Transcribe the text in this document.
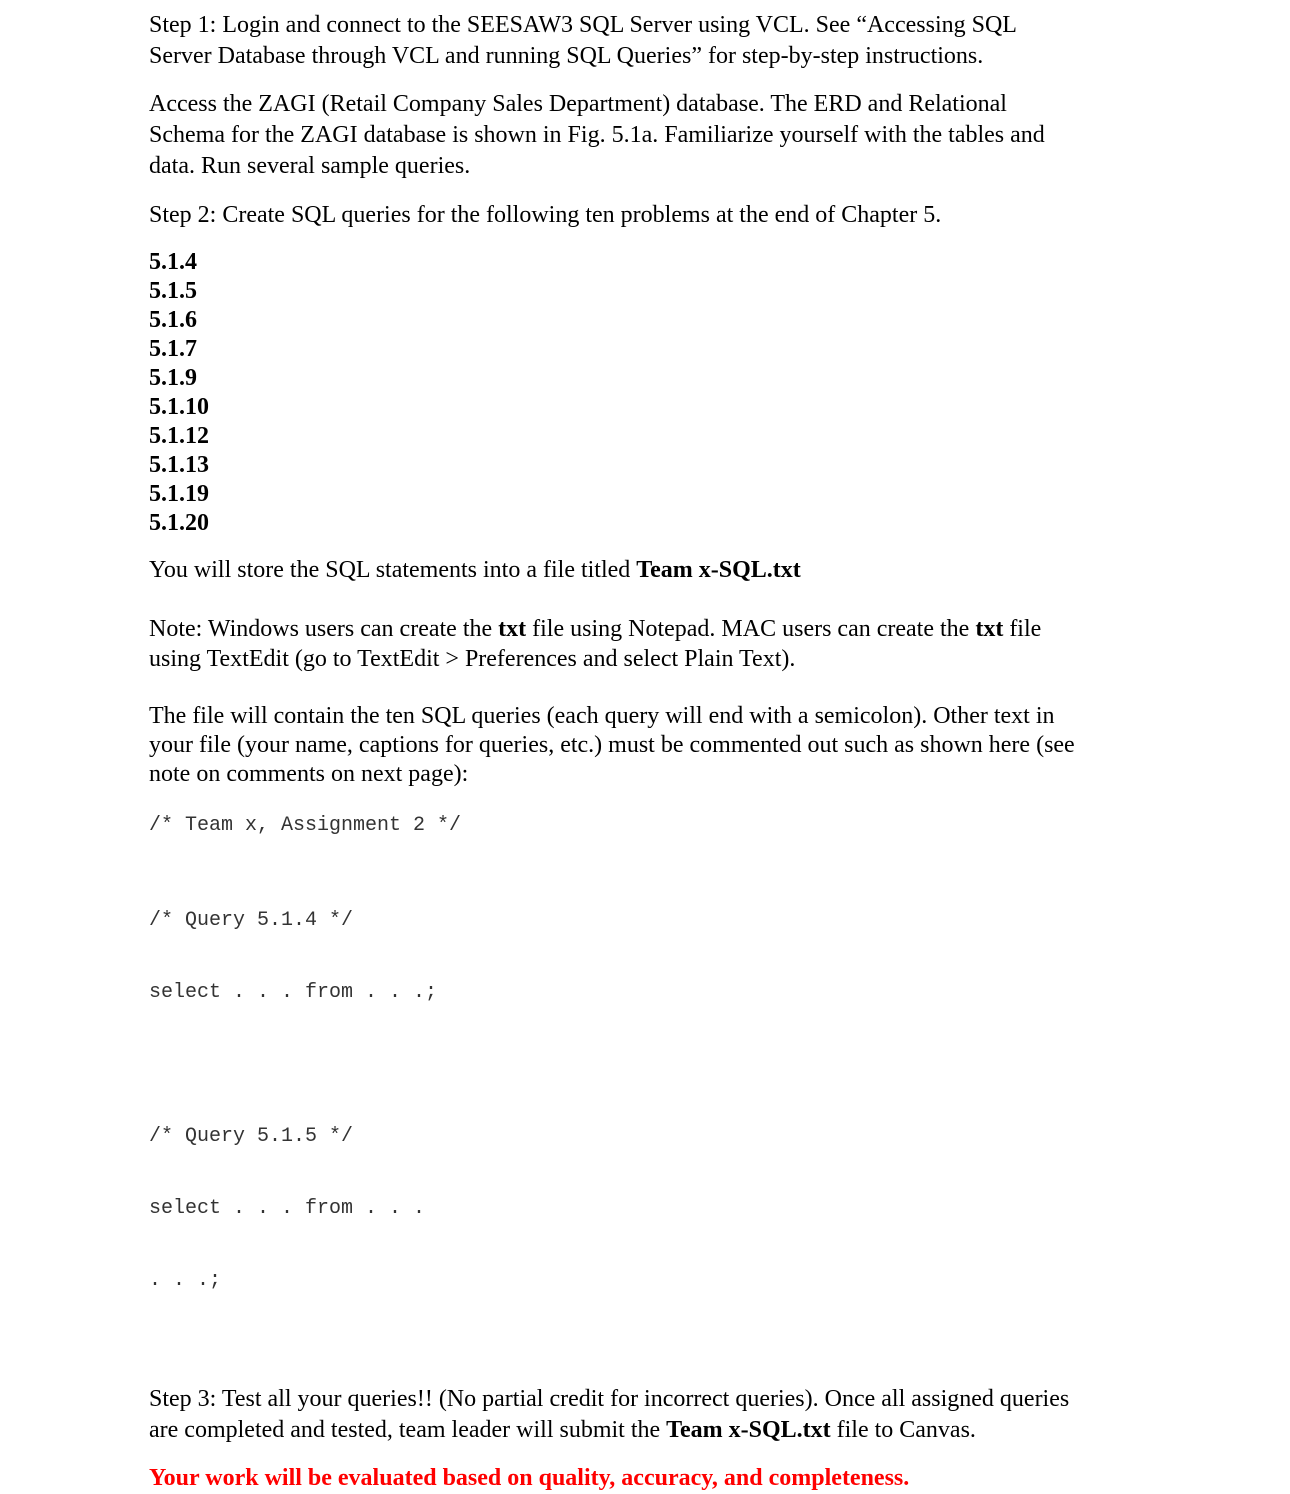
Step 1: Login and connect to the SEESAW3 SQL Server using VCL. See “Accessing SQL
Server Database through VCL and running SQL Queries” for step-by-step instructions.
Access the ZAGI (Retail Company Sales Department) database. The ERD and Relational
Schema for the ZAGI database is shown in Fig. 5.1a. Familiarize yourself with the tables and
data. Run several sample queries.
Step 2: Create SQL queries for the following ten problems at the end of Chapter 5.
5.1.4
5.1.5
5.1.6
5.1.7
5.1.9
5.1.10
5.1.12
5.1.13
5.1.19
5.1.20
You will store the SQL statements into a file titled Team x-SQL.txt
Note: Windows users can create the txt file using Notepad. MAC users can create the txt file
using TextEdit (go to TextEdit > Preferences and select Plain Text).
The file will contain the ten SQL queries (each query will end with a semicolon). Other text in
your file (your name, captions for queries, etc.) must be commented out such as shown here (see
note on comments on next page):
/* Team x, Assignment 2 */

/* Query 5.1.4 */

select . . . from . . .;

/* Query 5.1.5 */

select . . . from . . .

. . .;

Step 3: Test all your queries!! (No partial credit for incorrect queries). Once all assigned queries
are completed and tested, team leader will submit the Team x-SQL.txt file to Canvas.
Your work will be evaluated based on quality, accuracy, and completeness.
